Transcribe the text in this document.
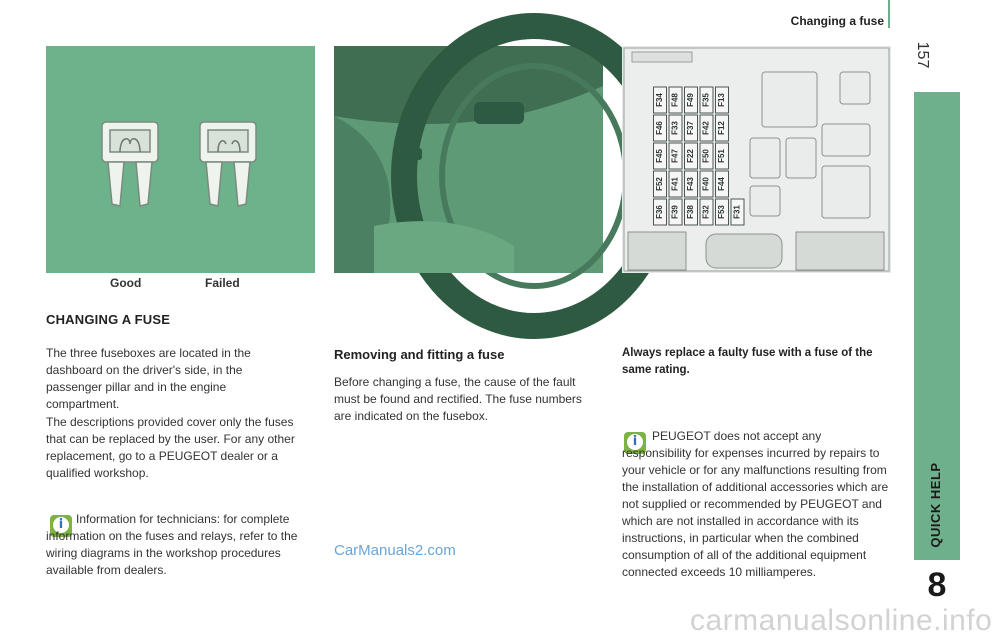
Changing a fuse
157
QUICK HELP
8
Good	Failed
F36 F39 F38 F32 F53 F31
F52 F41 F43 F40 F44
F45 F47 F22 F50 F51
F46 F33 F37 F42 F12
F34 F48 F49 F35 F13
CHANGING A FUSE

The three fuseboxes are located in the dashboard on the driver's side, in the passenger pillar and in the engine compartment.

The descriptions provided cover only the fuses that can be replaced by the user. For any other replacement, go to a PEUGEOT dealer or a qualified workshop.

i	Information for technicians: for complete information on the fuses and relays, refer to the wiring diagrams in the workshop procedures available from dealers.

Removing and fitting a fuse

Before changing a fuse, the cause of the fault must be found and rectified. The fuse numbers are indicated on the fusebox.

CarManuals2.com

Always replace a faulty fuse with a fuse of the same rating.

i	PEUGEOT does not accept any responsibility for expenses incurred by repairs to your vehicle or for any malfunctions resulting from the installation of additional accessories which are not supplied or recommended by PEUGEOT and which are not installed in accordance with its instructions, in particular when the combined consumption of all of the additional equipment connected exceeds 10 milliamperes.

carmanualsonline.info
